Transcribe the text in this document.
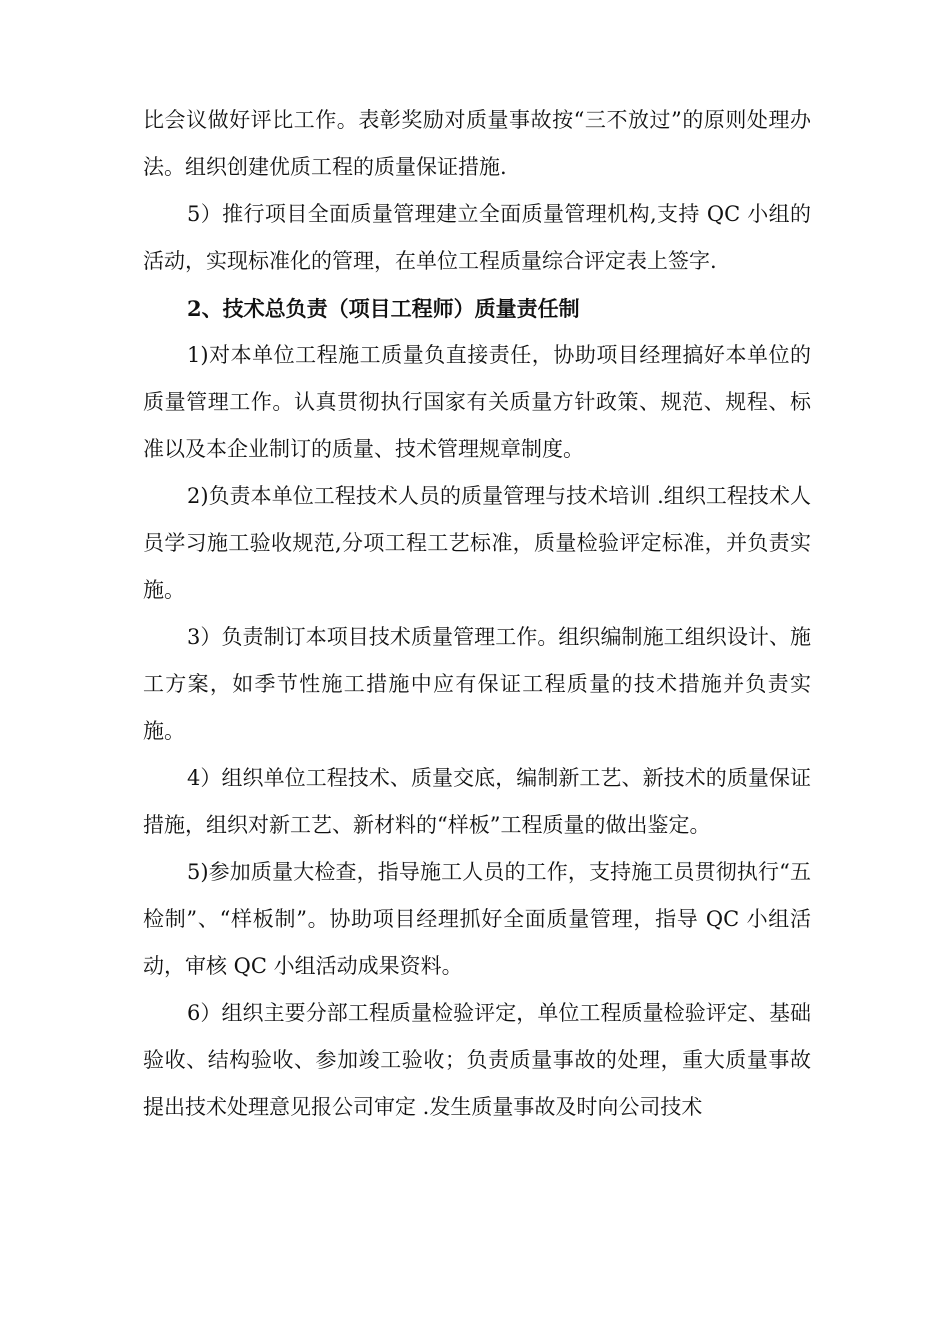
比会议做好评比工作。表彰奖励对质量事故按“三不放过”的原则处理办法。组织创建优质工程的质量保证措施.

5）推行项目全面质量管理建立全面质量管理机构,支持 QC 小组的活动，实现标准化的管理，在单位工程质量综合评定表上签字.

2、技术总负责（项目工程师）质量责任制

1)对本单位工程施工质量负直接责任，协助项目经理搞好本单位的质量管理工作。认真贯彻执行国家有关质量方针政策、规范、规程、标准以及本企业制订的质量、技术管理规章制度。

2)负责本单位工程技术人员的质量管理与技术培训 .组织工程技术人员学习施工验收规范,分项工程工艺标准，质量检验评定标准，并负责实施。

3）负责制订本项目技术质量管理工作。组织编制施工组织设计、施工方案，如季节性施工措施中应有保证工程质量的技术措施并负责实施。

4）组织单位工程技术、质量交底，编制新工艺、新技术的质量保证措施，组织对新工艺、新材料的“样板”工程质量的做出鉴定。

5)参加质量大检查，指导施工人员的工作，支持施工员贯彻执行“五检制”、“样板制”。协助项目经理抓好全面质量管理，指导 QC 小组活动，审核 QC 小组活动成果资料。

6）组织主要分部工程质量检验评定，单位工程质量检验评定、基础验收、结构验收、参加竣工验收；负责质量事故的处理，重大质量事故提出技术处理意见报公司审定 .发生质量事故及时向公司技术
